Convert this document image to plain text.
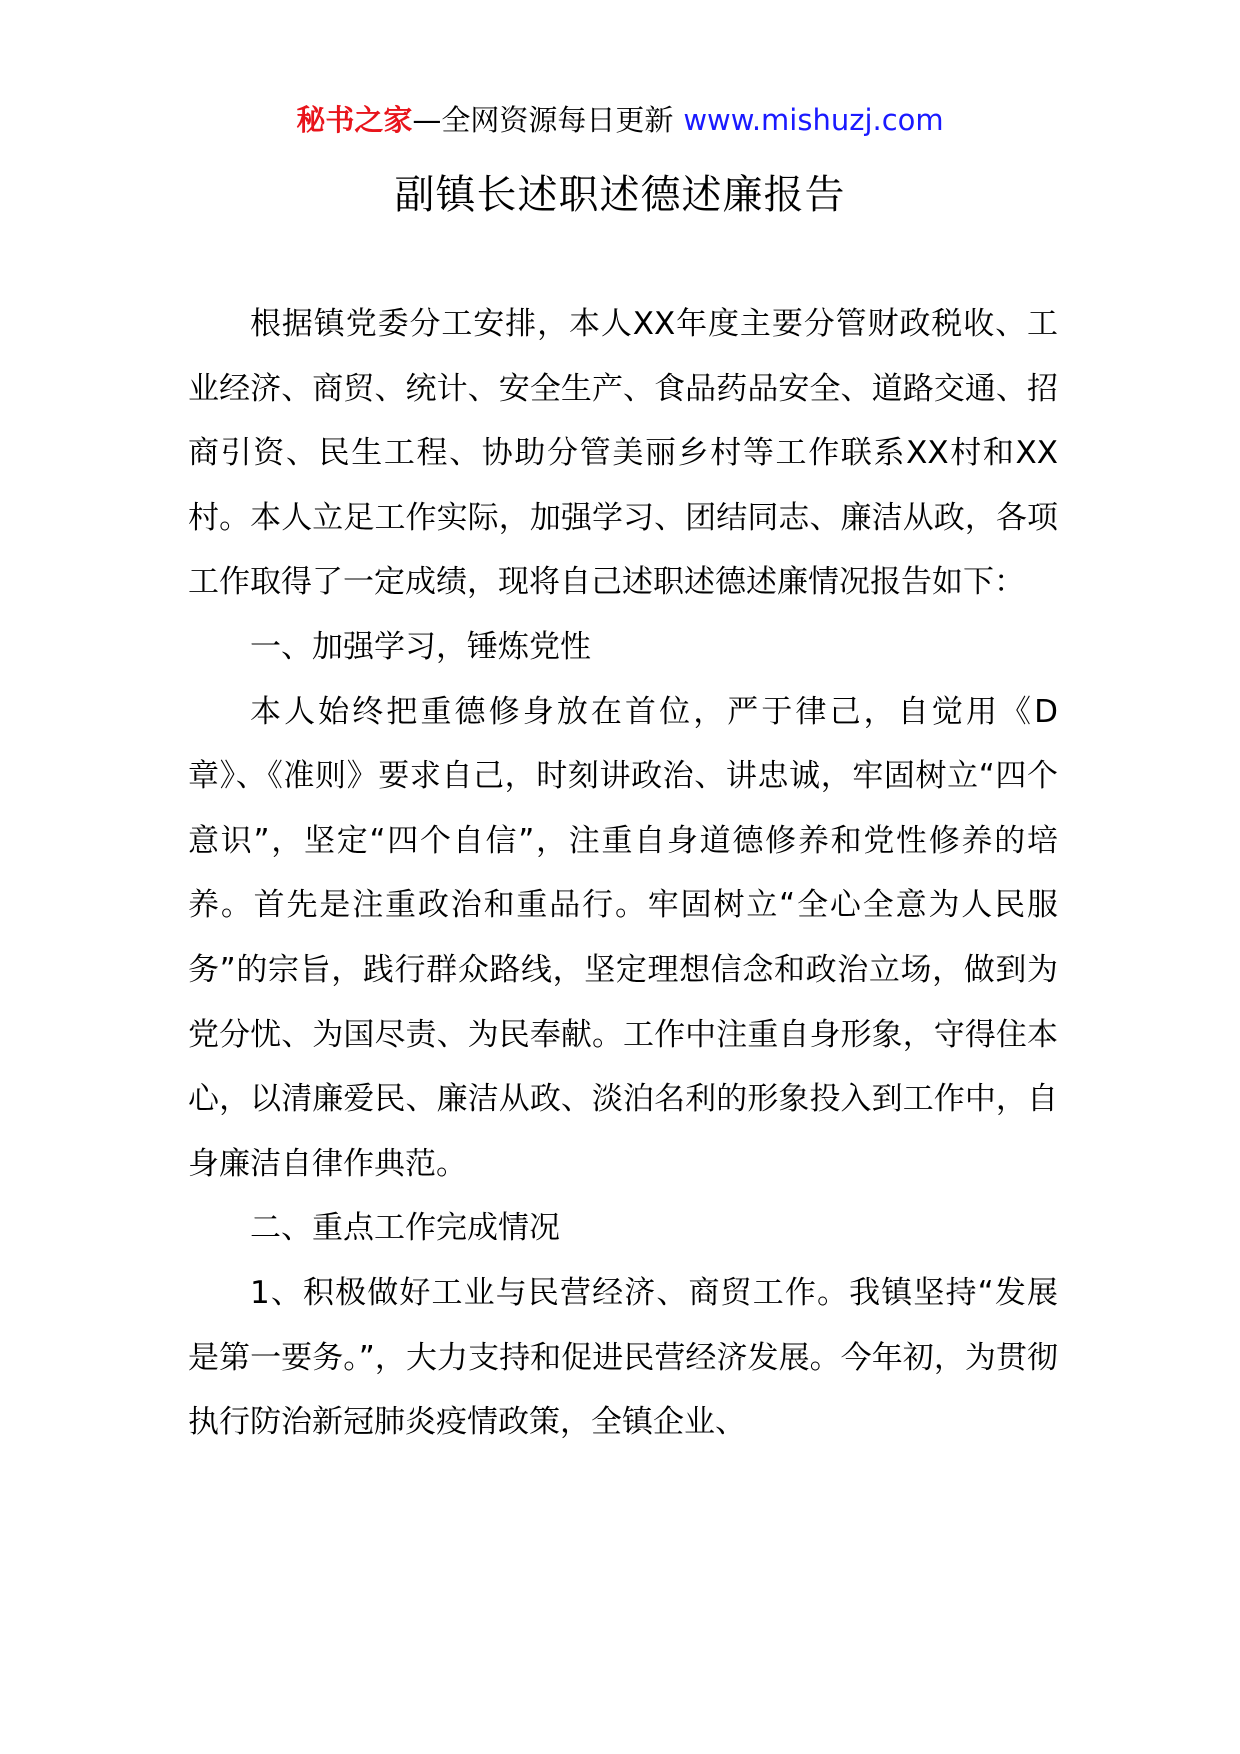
秘书之家—全网资源每日更新 www.mishuzj.com
副镇长述职述德述廉报告

根据镇党委分工安排，本人XX年度主要分管财政税收、工业经济、商贸、统计、安全生产、食品药品安全、道路交通、招商引资、民生工程、协助分管美丽乡村等工作联系XX村和XX村。本人立足工作实际，加强学习、团结同志、廉洁从政，各项工作取得了一定成绩，现将自己述职述德述廉情况报告如下：

一、加强学习，锤炼党性

本人始终把重德修身放在首位，严于律己，自觉用《D章》、《准则》要求自己，时刻讲政治、讲忠诚，牢固树立“四个意识”，坚定“四个自信”，注重自身道德修养和党性修养的培养。首先是注重政治和重品行。牢固树立“全心全意为人民服务”的宗旨，践行群众路线，坚定理想信念和政治立场，做到为党分忧、为国尽责、为民奉献。工作中注重自身形象，守得住本心，以清廉爱民、廉洁从政、淡泊名利的形象投入到工作中，自身廉洁自律作典范。

二、重点工作完成情况

1、积极做好工业与民营经济、商贸工作。我镇坚持“发展是第一要务。”，大力支持和促进民营经济发展。今年初，为贯彻执行防治新冠肺炎疫情政策，全镇企业、
